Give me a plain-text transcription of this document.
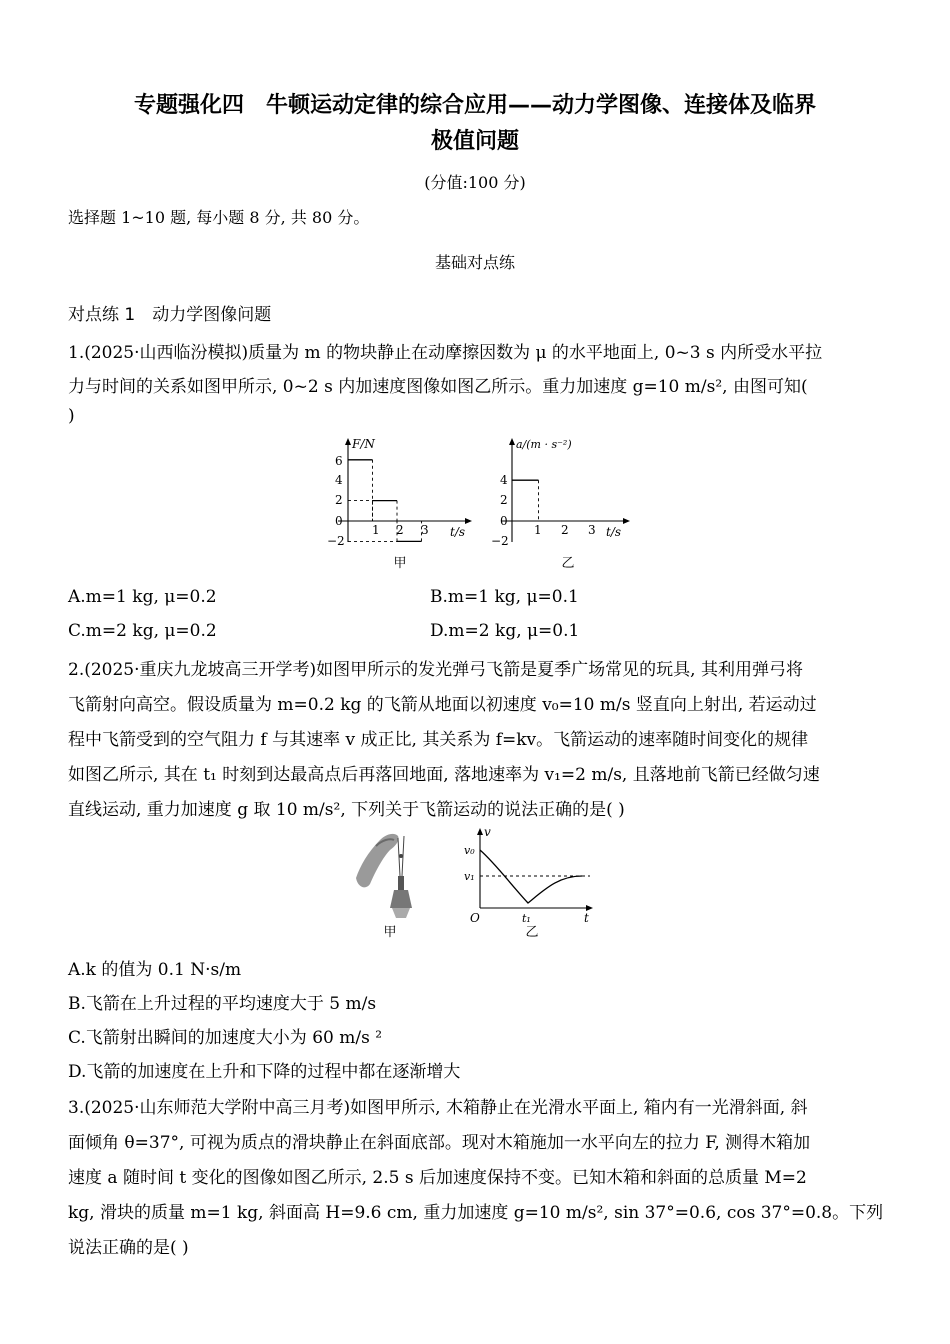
专题强化四　牛顿运动定律的综合应用——动力学图像、连接体及临界
极值问题
(分值:100 分)
选择题 1~10 题, 每小题 8 分, 共 80 分。
基础对点练
对点练 1　动力学图像问题
1.(2025·山西临汾模拟)质量为 m 的物块静止在动摩擦因数为 μ 的水平地面上, 0~3 s 内所受水平拉
力与时间的关系如图甲所示, 0~2 s 内加速度图像如图乙所示。重力加速度 g=10 m/s², 由图可知(
)
F/N
t/s
6
4
2
0
−2
1 2 3
甲
a/(m · s⁻²)
t/s
4
2
0
−2
1 2 3
乙
A.m=1 kg, μ=0.2	B.m=1 kg, μ=0.1
C.m=2 kg, μ=0.2	D.m=2 kg, μ=0.1
2.(2025·重庆九龙坡高三开学考)如图甲所示的发光弹弓飞箭是夏季广场常见的玩具, 其利用弹弓将
飞箭射向高空。假设质量为 m=0.2 kg 的飞箭从地面以初速度 v₀=10 m/s 竖直向上射出, 若运动过
程中飞箭受到的空气阻力 f 与其速率 v 成正比, 其关系为 f=kv。飞箭运动的速率随时间变化的规律
如图乙所示, 其在 t₁ 时刻到达最高点后再落回地面, 落地速率为 v₁=2 m/s, 且落地前飞箭已经做匀速
直线运动, 重力加速度 g 取 10 m/s², 下列关于飞箭运动的说法正确的是( )
甲
v
t
O
v₀
v₁
t₁
乙
A.k 的值为 0.1 N·s/m
B.飞箭在上升过程的平均速度大于 5 m/s
C.飞箭射出瞬间的加速度大小为 60 m/s ²
D.飞箭的加速度在上升和下降的过程中都在逐渐增大
3.(2025·山东师范大学附中高三月考)如图甲所示, 木箱静止在光滑水平面上, 箱内有一光滑斜面, 斜
面倾角 θ=37°, 可视为质点的滑块静止在斜面底部。现对木箱施加一水平向左的拉力 F, 测得木箱加
速度 a 随时间 t 变化的图像如图乙所示, 2.5 s 后加速度保持不变。已知木箱和斜面的总质量 M=2
kg, 滑块的质量 m=1 kg, 斜面高 H=9.6 cm, 重力加速度 g=10 m/s², sin 37°=0.6, cos 37°=0.8。下列
说法正确的是( )
